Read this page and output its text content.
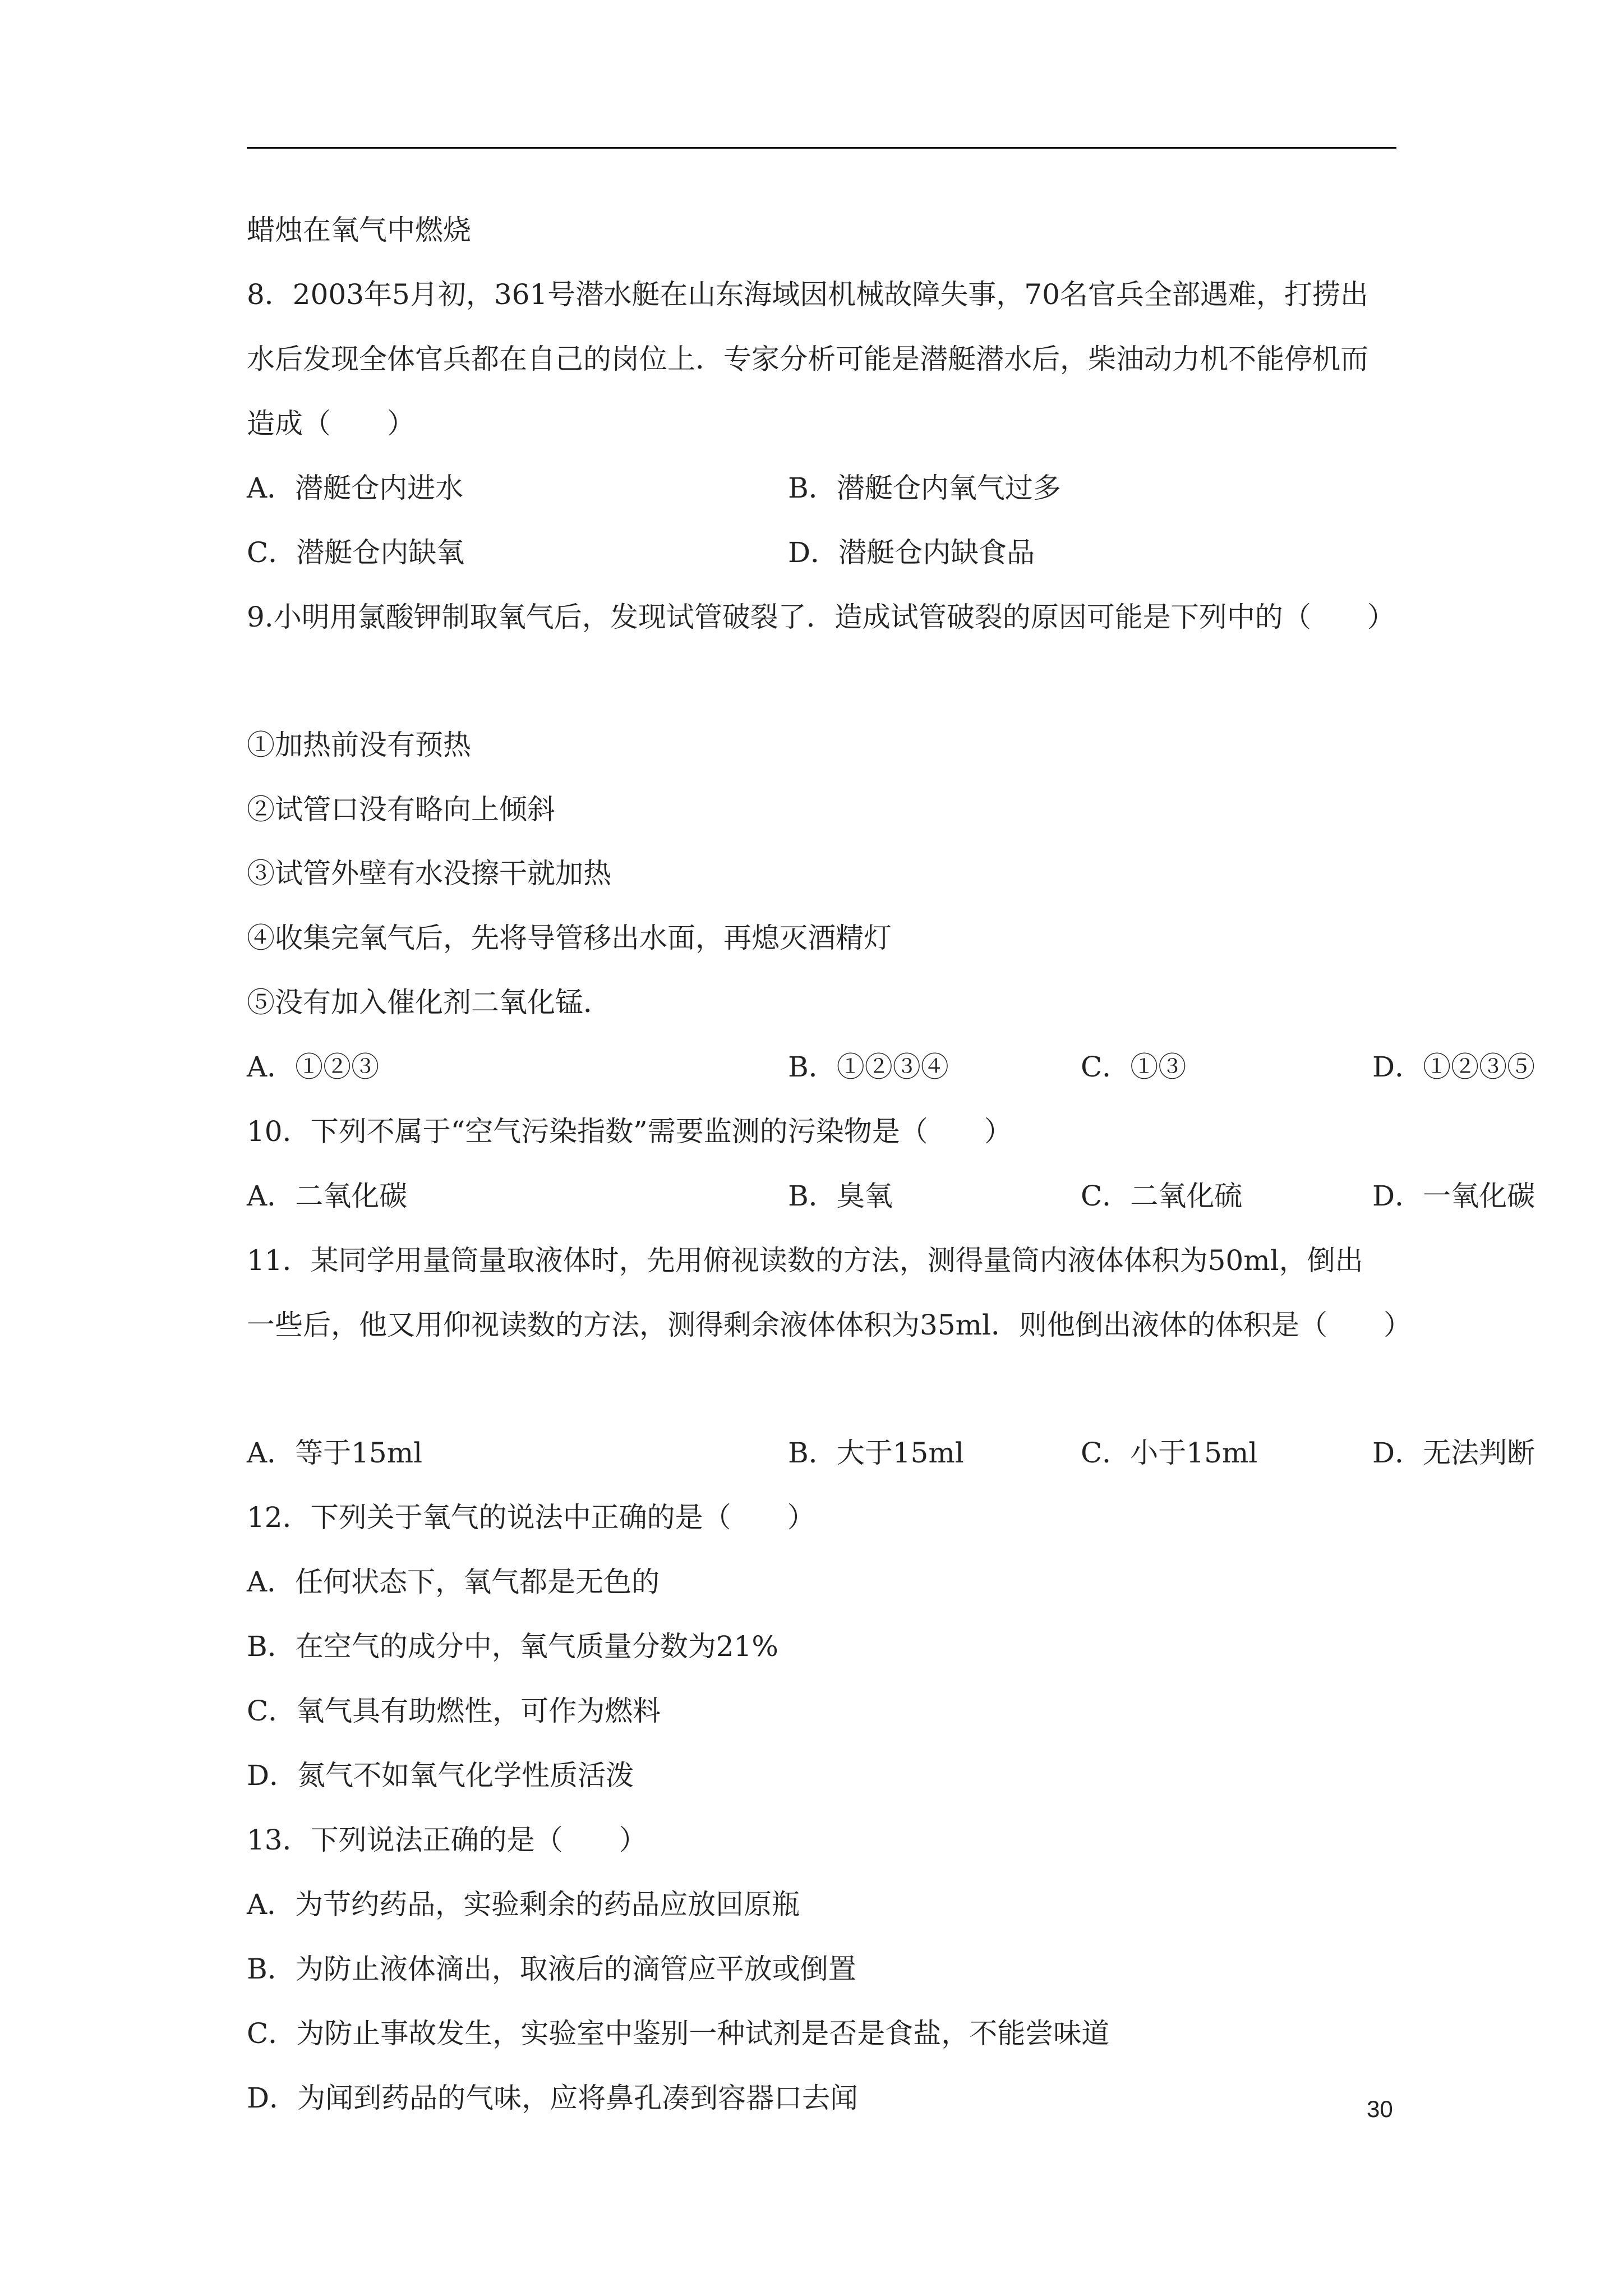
蜡烛在氧气中燃烧
8．2003年5月初，361号潜水艇在山东海域因机械故障失事，70名官兵全部遇难，打捞出
水后发现全体官兵都在自己的岗位上．专家分析可能是潜艇潜水后，柴油动力机不能停机而
造成（　　）
A．潜艇仓内进水	B．潜艇仓内氧气过多
C．潜艇仓内缺氧	D．潜艇仓内缺食品
9.小明用氯酸钾制取氧气后，发现试管破裂了．造成试管破裂的原因可能是下列中的（　　）
①加热前没有预热
②试管口没有略向上倾斜
③试管外壁有水没擦干就加热
④收集完氧气后，先将导管移出水面，再熄灭酒精灯
⑤没有加入催化剂二氧化锰．
A．①②③	B．①②③④	C．①③	D．①②③⑤
10．下列不属于“空气污染指数”需要监测的污染物是（　　）
A．二氧化碳	B．臭氧	C．二氧化硫	D．一氧化碳
11．某同学用量筒量取液体时，先用俯视读数的方法，测得量筒内液体体积为50ml，倒出
一些后，他又用仰视读数的方法，测得剩余液体体积为35ml．则他倒出液体的体积是（　　）
A．等于15ml	B．大于15ml	C．小于15ml	D．无法判断
12．下列关于氧气的说法中正确的是（　　）
A．任何状态下，氧气都是无色的
B．在空气的成分中，氧气质量分数为21%
C．氧气具有助燃性，可作为燃料
D．氮气不如氧气化学性质活泼
13．下列说法正确的是（　　）
A．为节约药品，实验剩余的药品应放回原瓶
B．为防止液体滴出，取液后的滴管应平放或倒置
C．为防止事故发生，实验室中鉴别一种试剂是否是食盐，不能尝味道
D．为闻到药品的气味，应将鼻孔凑到容器口去闻	30
